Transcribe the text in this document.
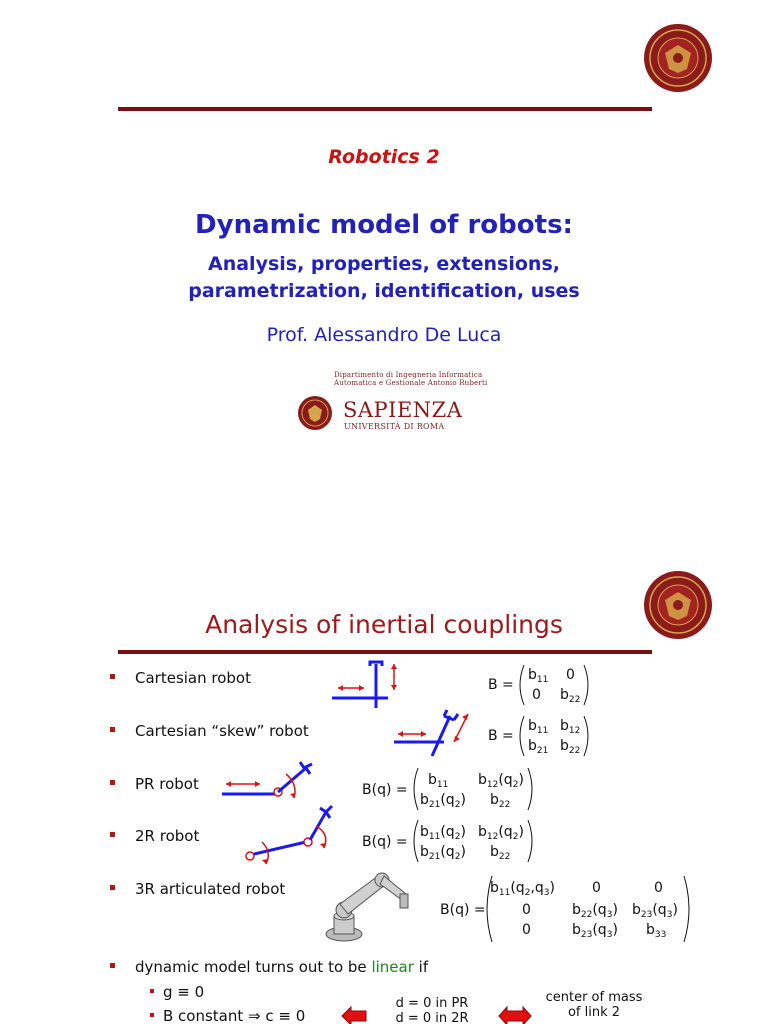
Robotics 2
Dynamic model of robots:
Analysis, properties, extensions,
parametrization, identification, uses
Prof. Alessandro De Luca
Dipartimento di Ingegneria Informatica
Automatica e Gestionale Antonio Ruberti
SAPIENZA
UNIVERSITÀ DI ROMA
Analysis of inertial couplings
Cartesian robot	B =
$b_{11}$ 0
0 $b_{22}$
Cartesian “skew” robot	B =
$b_{11}$ $b_{12}$
$b_{21}$ $b_{22}$
PR robot	B(q) =
$b_{11}$ $b_{12}(q_2)$
$b_{21}(q_2)$ $b_{22}$
2R robot	B(q) =
$b_{11}(q_2)$ $b_{12}(q_2)$
$b_{21}(q_2)$ $b_{22}$
3R articulated robot
B(q) =
$b_{11}(q_2,q_3)$	0	0
0	$b_{22}(q_3)$ $b_{23}(q_3)$
0	$b_{23}(q_3)$ $b_{33}$
dynamic model turns out to be linear if
g ≡ 0
B constant ⇒ c ≡ 0
d = 0 in PR
d = 0 in 2R
center of mass
of link 2
